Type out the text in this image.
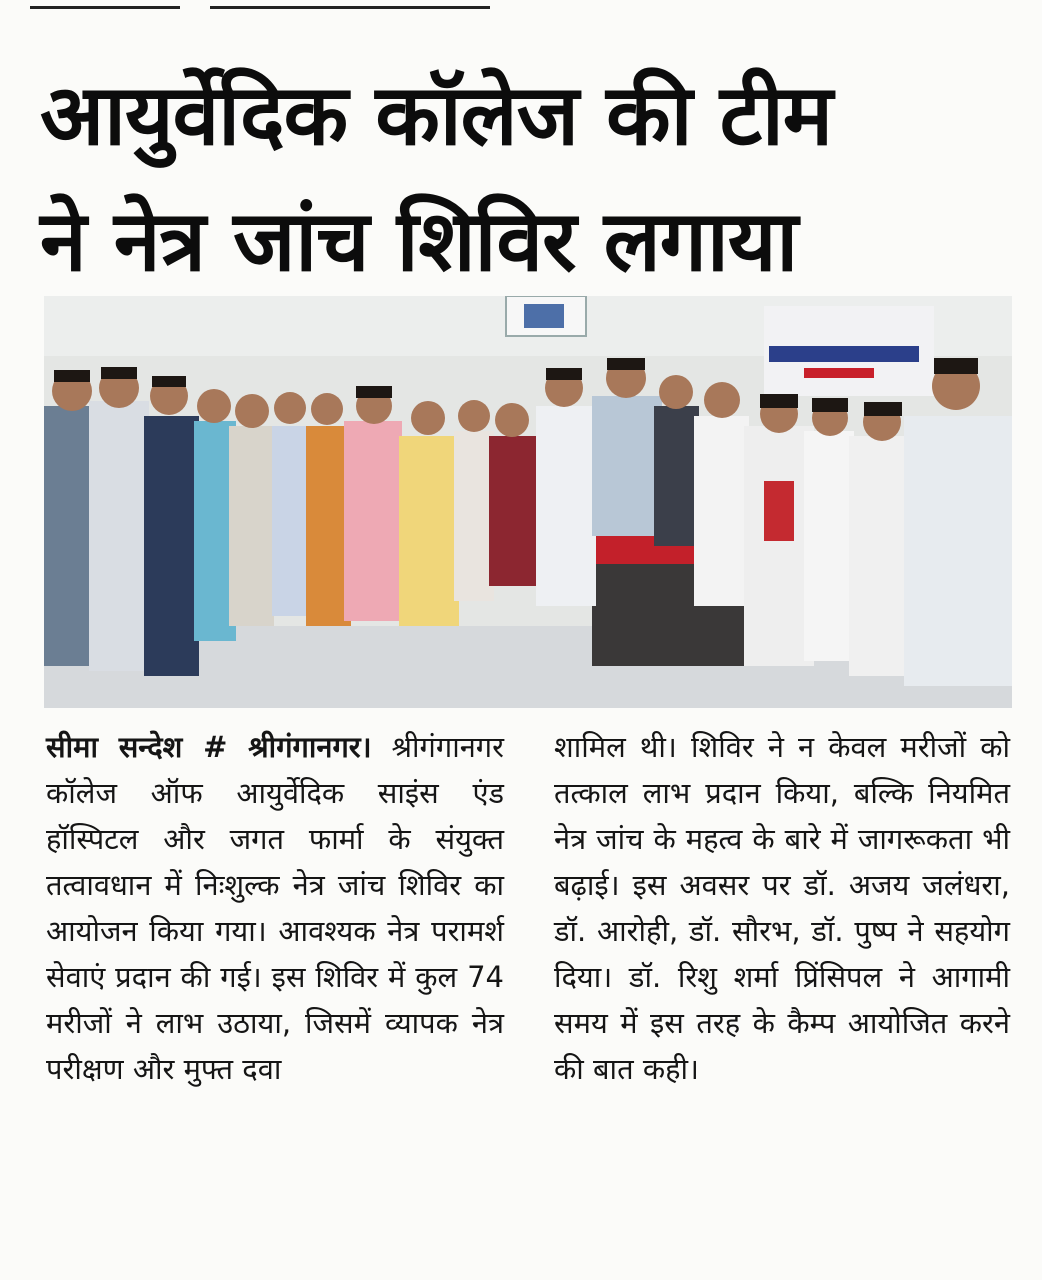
आयुर्वेदिक कॉलेज की टीम
ने नेत्र जांच शिविर लगाया

सीमा सन्देश # श्रीगंगानगर। श्रीगंगानगर कॉलेज ऑफ आयुर्वेदिक साइंस एंड हॉस्पिटल और जगत फार्मा के संयुक्त तत्वावधान में निःशुल्क नेत्र जांच शिविर का आयोजन किया गया। आवश्यक नेत्र परामर्श सेवाएं प्रदान की गई। इस शिविर में कुल 74 मरीजों ने लाभ उठाया, जिसमें व्यापक नेत्र परीक्षण और मुफ्त दवा

शामिल थी। शिविर ने न केवल मरीजों को तत्काल लाभ प्रदान किया, बल्कि नियमित नेत्र जांच के महत्व के बारे में जागरूकता भी बढ़ाई। इस अवसर पर डॉ. अजय जलंधरा, डॉ. आरोही, डॉ. सौरभ, डॉ. पुष्प ने सहयोग दिया। डॉ. रिशु शर्मा प्रिंसिपल ने आगामी समय में इस तरह के कैम्प आयोजित करने की बात कही।
